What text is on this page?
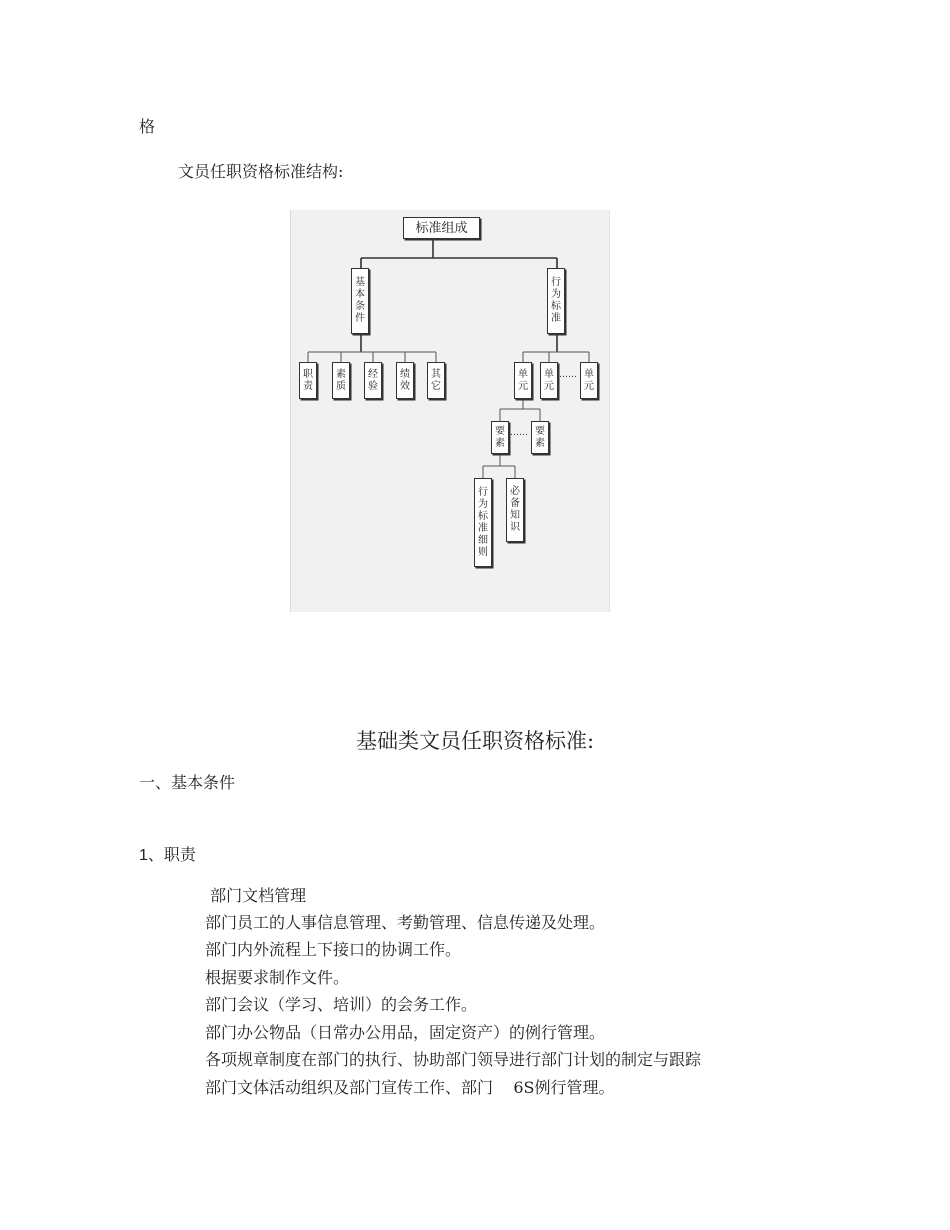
格
文员任职资格标准结构:
标准组成
基本条件
行为标准
职责
素质
经验
绩效
其它
单元
单元
…… 单元
要素
…… 要素
行为标准细则
必备知识
基础类文员任职资格标准:
一、基本条件
1、职责
部门文档管理
部门员工的人事信息管理、考勤管理、信息传递及处理。
部门内外流程上下接口的协调工作。
根据要求制作文件。
部门会议（学习、培训）的会务工作。
部门办公物品（日常办公用品，固定资产）的例行管理。
各项规章制度在部门的执行、协助部门领导进行部门计划的制定与跟踪
部门文体活动组织及部门宣传工作、部门    6S例行管理。
